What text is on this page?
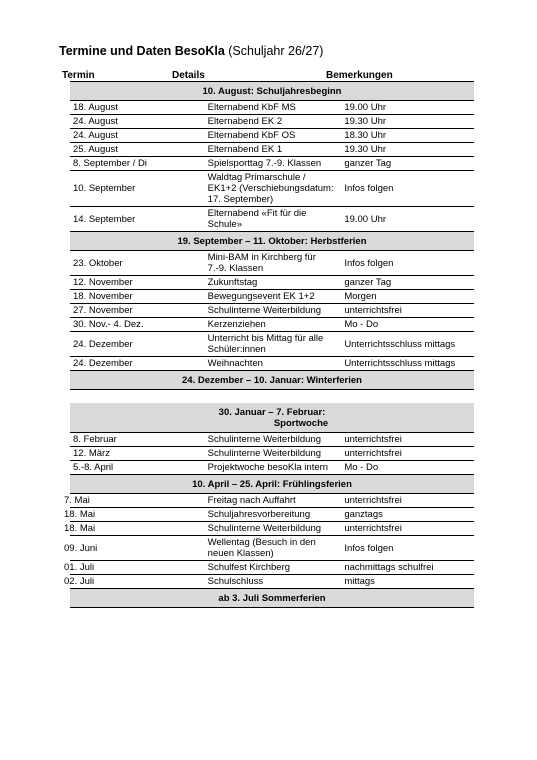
Termine und Daten BesoKla (Schuljahr 26/27)
Termin	Details	Bemerkungen
10. August: Schuljahresbeginn
18. August	Elternabend KbF MS	19.00 Uhr
24. August	Elternabend EK 2	19.30 Uhr
24. August	Elternabend KbF OS	18.30 Uhr
25. August	Elternabend EK 1	19.30 Uhr
8. September / Di	Spielsporttag 7.-9. Klassen	ganzer Tag
10. September	Waldtag Primarschule / EK1+2 (Verschiebungsdatum: 17. September)	Infos folgen
14. September	Elternabend «Fit für die Schule»	19.00 Uhr
19. September – 11. Oktober: Herbstferien
23. Oktober	Mini-BAM in Kirchberg für 7.-9. Klassen	Infos folgen
12. November	Zukunftstag	ganzer Tag
18. November	Bewegungsevent EK 1+2	Morgen
27. November	Schulinterne Weiterbildung	unterrichtsfrei
30. Nov.- 4. Dez.	Kerzenziehen	Mo - Do
24. Dezember	Unterricht bis Mittag für alle Schüler:innen	Unterrichtsschluss mittags
24. Dezember	Weihnachten	Unterrichtsschluss mittags
24. Dezember – 10. Januar: Winterferien

30. Januar – 7. Februar:
Sportwoche

8. Februar	Schulinterne Weiterbildung	unterrichtsfrei
12. März	Schulinterne Weiterbildung	unterrichtsfrei
5.-8. April	Projektwoche besoKla intern	Mo - Do
10. April – 25. April: Frühlingsferien
7. Mai	Freitag nach Auffahrt	unterrichtsfrei
18. Mai	Schuljahresvorbereitung	ganztags
18. Mai	Schulinterne Weiterbildung	unterrichtsfrei
09. Juni	Wellentag (Besuch in den neuen Klassen)	Infos folgen
01. Juli	Schulfest Kirchberg	nachmittags schulfrei
02. Juli	Schulschluss	mittags
ab 3. Juli Sommerferien
